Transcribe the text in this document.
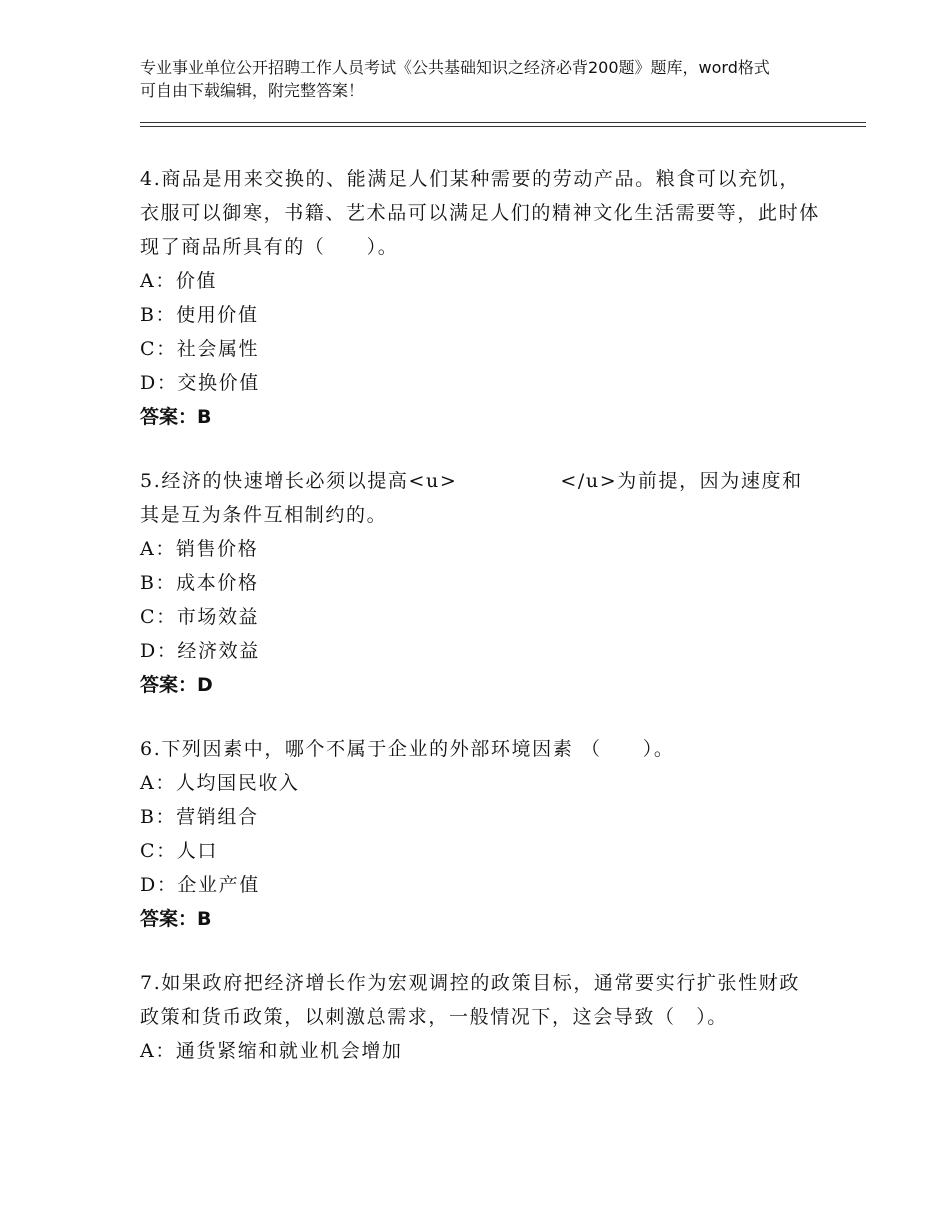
专业事业单位公开招聘工作人员考试《公共基础知识之经济必背200题》题库，word格式可自由下载编辑，附完整答案！

4.商品是用来交换的、能满足人们某种需要的劳动产品。粮食可以充饥，衣服可以御寒，书籍、艺术品可以满足人们的精神文化生活需要等，此时体现了商品所具有的（　　）。

A：价值

B：使用价值

C：社会属性

D：交换价值

答案：B

5.经济的快速增长必须以提高<u>　　　　　</u>为前提，因为速度和其是互为条件互相制约的。

A：销售价格

B：成本价格

C：市场效益

D：经济效益

答案：D

6.下列因素中，哪个不属于企业的外部环境因素 （　　）。

A：人均国民收入

B：营销组合

C：人口

D：企业产值

答案：B

7.如果政府把经济增长作为宏观调控的政策目标，通常要实行扩张性财政政策和货币政策，以刺激总需求，一般情况下，这会导致（　）。

A：通货紧缩和就业机会增加
